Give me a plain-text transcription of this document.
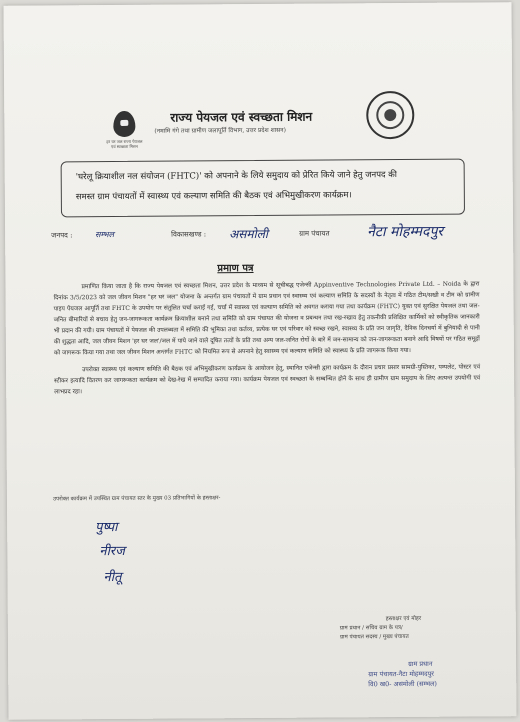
हर घर जल राज्य पेयजल एवं स्वच्छता मिशन
राज्य पेयजल एवं स्वच्छता मिशन
(नमामि गंगे तथा ग्रामीण जलापूर्ति विभाग, उत्तर प्रदेश शासन)
'घरेलू क्रियाशील नल संयोजन (FHTC)' को अपनाने के लिये समुदाय को प्रेरित किये जाने हेतु जनपद की
समस्त ग्राम पंचायतों में स्वास्थ्य एवं कल्याण समिति की बैठक एवं अभिमुखीकरण कार्यक्रम।
जनपद :	सम्भल	विकासखण्ड : असमोली	ग्राम पंचायत	नैटा मोहम्मदपुर
प्रमाण पत्र

प्रमाणित किया जाता है कि राज्य पेयजल एवं स्वच्छता मिशन, उत्तर प्रदेश के माध्यम से सूचीबद्ध एजेन्सी Appinventive Technologies Private Ltd. – Noida के द्वारा दिनांक 3/5/2023 को जल जीवन मिशन "हर घर जल" योजना के अन्तर्गत ग्राम पंचायतों में ग्राम प्रधान एवं स्वास्थ्य एवं कल्याण समिति के सदस्यों के नेतृत्व में गठित टीम/सखी व टीम को ग्रामीण पाइप पेयजल आपूर्ति तथा FHTC के उपयोग पर संतुलित चर्चा कराई गई, चर्चा में स्वास्थ्य एवं कल्याण समिति को अवगत कराया गया तथा कार्यक्रम (FHTC) युक्त एवं सुरक्षित पेयजल तथा जल-जनित बीमारियों से बचाव हेतु जन-जागरूकता कार्यक्रम क्रियाशील बनाने तथा समिति को ग्राम पंचायत की योजना व प्रबन्धन तथा रख-रखाव हेतु तकनीकी प्रशिक्षित कार्मिकों को स्वीकृतिक जानकारी भी प्रदान की गयी। ग्राम पंचायतों में पेयजल की उपलब्धता में समिति की भूमिका तथा कर्तव्य, प्रत्येक घर एवं परिवार को स्वच्छ रखने, स्वास्थ्य के प्रति जन जागृति, दैनिक दिनचर्या में बुनियादी से पानी की शुद्धता आदि, जल जीवन मिशन 'हर घर जल'/जल में पाये जाने वाले दूषित तत्वों के प्रति तथा अन्य जल-जनित रोगों के बारे में जन-सामान्य को जन-जागरूकता बनाने आदि विषयों पर गठित समूहों को जागरूक किया गया तथा जल जीवन मिशन अन्तर्गत FHTC को नियमित रूप से अपनाने हेतु स्वास्थ्य एवं कल्याण समिति को स्वास्थ्य के प्रति जागरूक किया गया।

उपरोक्त स्वास्थ्य एवं कल्याण समिति की बैठक एवं अभिमुखीकरण कार्यक्रम के आयोजन हेतु, स्थानित एजेन्सी द्वारा कार्यक्रम के दौरान प्रचार प्रसार सामग्री-पुस्तिका, पम्पलेट, पोस्टर एवं स्टीकर इत्यादि वितरण कर जागरूकता कार्यक्रम को देख-रेख में सम्पादित कराया गया। कार्यक्रम पेयजल एवं स्वच्छता के सम्बन्धित होने के साथ ही ग्रामीण ग्राम समुदाय के लिए अत्यन्त उपयोगी एवं लाभप्रद रहा।

उपरोक्त कार्यक्रम में उपस्थित ग्राम पंचायत स्तर के मुख्य 03 प्रतिभागियों के हस्ताक्षर-
पुष्पा
नीरज
नीतू
हस्ताक्षर एवं मोहर
ग्राम प्रधान / सचिव ग्राम के पत्र/
ग्राम पंचायत सदस्य / मुख्य पंचायत
ग्राम प्रधान
ग्राम पंचायत-नैटा मोहम्मदपुर
वि0 ख0- असमोली (सम्भल)
